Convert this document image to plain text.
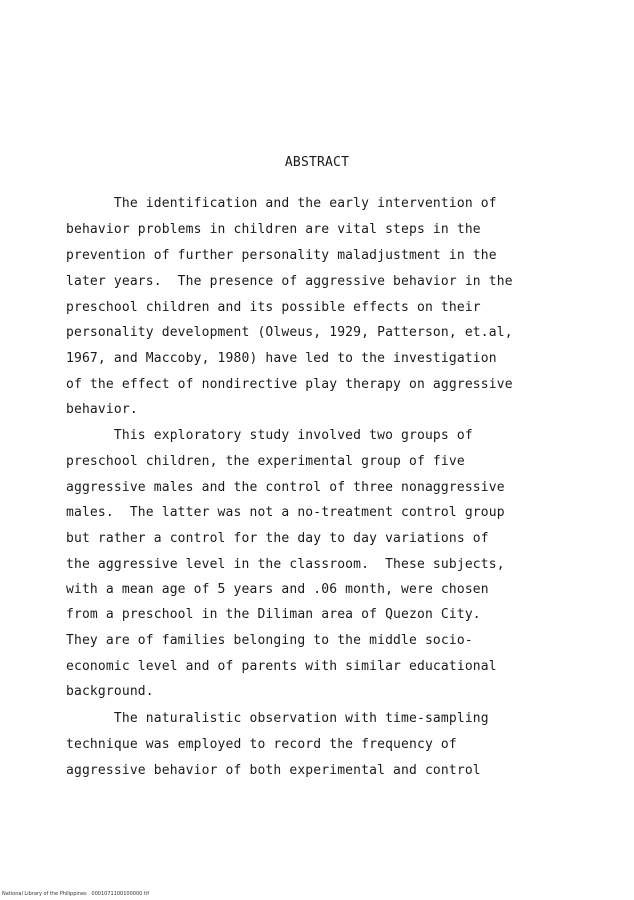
ABSTRACT
The identification and the early intervention of
behavior problems in children are vital steps in the
prevention of further personality maladjustment in the
later years.  The presence of aggressive behavior in the
preschool children and its possible effects on their
personality development (Olweus, 1929, Patterson, et.al,
1967, and Maccoby, 1980) have led to the investigation
of the effect of nondirective play therapy on aggressive
behavior.
This exploratory study involved two groups of
preschool children, the experimental group of five
aggressive males and the control of three nonaggressive
males.  The latter was not a no-treatment control group
but rather a control for the day to day variations of
the aggressive level in the classroom.  These subjects,
with a mean age of 5 years and .06 month, were chosen
from a preschool in the Diliman area of Quezon City.
They are of families belonging to the middle socio-
economic level and of parents with similar educational
background.
The naturalistic observation with time-sampling
technique was employed to record the frequency of
aggressive behavior of both experimental and control
National Library of the Philippines   0001071100100000 tif
